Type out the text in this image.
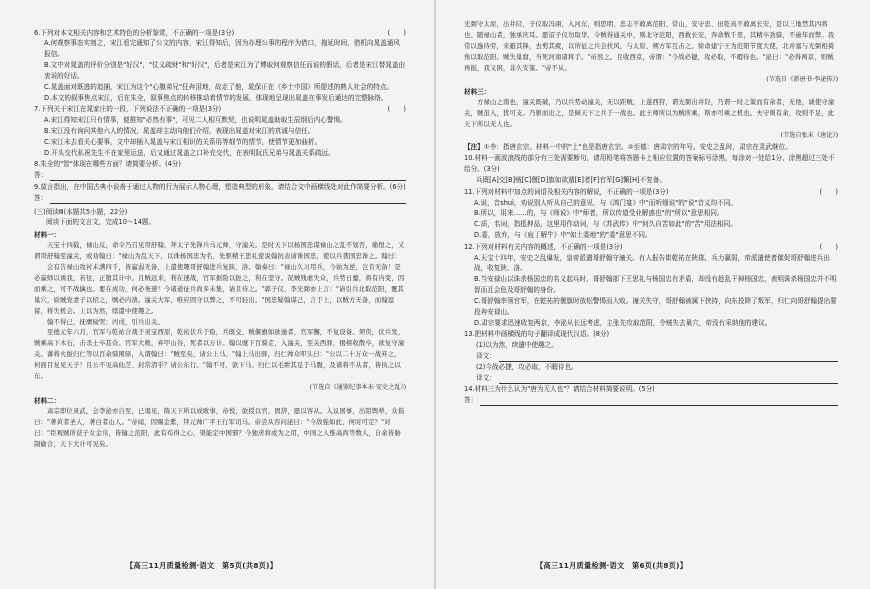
6.下列对本文相关内容和艺术特色的分析鉴赏，不正确的一项是(3分)	(　　)

A.何观察事态实刻之，宋江看完通知了公文的内容，宋江得知后，因为办理公事的程序为借口，拖延时间，借机向晁盖通风报信。

B.文中对晁盖的评价分别是"好汉"，"仗义疏财"和"好汉"，后者是宋江为了博取何观察信任而说的假话，后者是宋江替晁盖由衷说的好话。

C.晁盖面对既逃的追捕，宋江为这个"心腹弟兄"狂奔泪地，故走了他，晁保正在《乡土中国》所提述的熟人社会的特点。

D.本文的叙事焦点宋江，后在朱全，叙事焦点的转移推动着情节的发展，体现地呈现出晁盖在事发后通达的完整脉络。

7.下列关于宋江在晁家庄的一段，下列说法不正确的一项是(3分)	(　　)

A.宋江得知宋江只有情事，便推知"必然有事"，可见二人相互默契，也说明晁盖助取生辰纲后内心警惕。

B.宋江没有询问其他六人的情况，晁盖却主动向他们介绍，表现出晁盖对宋江的真诚与信任。

C.宋江未去看关心要事，文中却插入晁盖与宋江相识的关系用等细节的情节，使情节更加曲折。

D.开头交代私祝先生不在家里运送，后又通过晁盖之口补充交代，在表明阮氏兄弟与晁盖关系疏远。

8.朱全的"智"体现在哪些方面？请简要分析。(4分)

答：

9.莫言指出，在中国古典小说善于通过人物的行为展示人物心理，塑造典型的形象。请结合文中画横线处对此作简要分析。(6分)

答：

(三)阅读Ⅲ(本题共5小题，22分)

阅读下面的文言文，完成10～14题。

材料一：

天宝十四载，禄山反，命令乃召见哥舒翰，拜太子先锋兵马元帅，守潼关。是时天下以杨国忠谋禄山之乱不划否，痛恨之，又谓哥舒翰至潼关，或劝翰日："禄山为乱天下，以诛杨国忠为名，先驱精王思礼密说翰抗表请诛国忠，使以兵袭国忠诛之。翰曰：

会有告禄山攻衬未满四千，皆羸弱无备，上遣使趣哥舒翰进兵复陕、洛。翰奏曰："禄山久习用兵，今始为逆，岂肯无备！是必羸师以诱我，若往，正堕其计中。且贼远来，利在速战，官军据险以扼之，利在坚守。况贼残虐失众，兵势日蹙，将有内变，因而乘之，可不战擒也。要在成功，何必务速！今诸道征兵尚多未集，请且待之。"郭子仪、李光弼亦上言："请引兵北取范阳，覆其巢穴，质贼党妻子以招之，贼必内溃。潼关大军，唯应固守以弊之，不可轻出。"国忠疑翰谋己，言于上，以贼方无备，而翰逗留，将失机会。上以为然，续遣中使趣之。

翰不得已，抚膺恸哭；丙戌，引兵出关。

至德元年六月，官军与乾祐合战于灵宝西原，乾祐伏兵于险，兵既交，贼偃旗如欲遁者，官军懈，不复设备。须臾，伏兵发，贼乘高下木石，击杀士卒甚众。官军大败，弃甲山谷，死者以万计。翰以麾下百骑走，入潼关，至关西驿，揭榜收散卒，欲复守潼关。蕃将火拔归仁等以百余骑围驿，入谓翰曰："贼至矣，请公上马。"翰上马出驿，归仁帅众叩头曰："公以二十万众一战弃之，何面目复见天子！且公不见高仙芝、封常清乎？请公东行。"翰不可，欲下马。归仁以毛绁其足于马腹，及诸将不从者，皆执之以东。

(节选自《通鉴纪事本末·安史之乱》)

材料二：

肃宗即位灵武，会李泌亦自至，已谒见，陈天下所以成败事，帝悦，欲授以官，固辞，愿以客从。入议国事，出陪舆辇，众指曰："著黄者圣人，著白者山人。"帝闻，因赐金紫，拜元帅广平王行军司马。帝尝从容问泌曰："今敌强如此，何时可定？"对曰："臣观贼所获子女金帛，皆输之范阳，此有苟得之心，渠能定中国邪？今独虏将或为之用，中国之人惟高尚等数人，自余皆胁制偷合，天下大计可见矣。

【高三11月质量检测·语文　第5页(共8页)】

光弼守太原，出井陉，子仪取冯翊，入河东，则思明、忠志不敢离范阳、常山，安守忠、田乾真不敢离长安，是以三地禁其四将也。随禄山者，独承庆耳。愿诏子仪勿取华，令贼得通关中，则北守范阳，西救长安，奔命数千里，其精卒劲骑，不逾年而弊。我常以逸待劳，来避其锋，去剪其疲，以所征之兵会扶风，与太原、朔方军互击之。徐命建宁王为范阳节度大使，北并塞与光弼相掎角以取范阳。贼失巢窟，当死河南诸将手。"帝然之。且收西京，帝谓："今战必捷，攻必取，不暇待也。"泌曰："必得两京，则贼再振，我又困，非久安策。"帝不从。

(节选自《新唐书·李泌传》)

材料三：

方禄山之南也，潼关既破，乃以兵势动潼关，无以距贼，上遂西狩，谓光弼出井陉，乃谓一时之策而有余者，无他，诚使守潼关，贼虽入，犹可支。乃驱而出之，是倾天下之兵于一战也。此王师所以为贼所乘，斯亦可乘之机也。夫守则有余，攻则不足，此天下所以无人也。

(节选自张末《唐论》)

【注】①李：指唐玄宗。材料一中的"上"也是指唐玄宗。②至德：唐肃宗的年号。安史之乱时，肃宗在灵武继位。

10.材料一画波浪线的部分有三处需要断句，请用铅笔将答题卡上相应位置的答案标号涂黑，每涂对一处给1分，涂黑超过三处不给分。(3分)

兵既[A]交[B]贼[C]偃[D]旗如欲遁[E]者[F]官军[G]懈[H]不复备。

11.下列对材料中加点的词语及相关内容的解说，不正确的一项是(3分)	(　　)

A.说，音shuì，劝说别人听从自己的意见，与《鸿门宴》中"而听细说"的"说"音义均不同。

B.所以，用来……的，与《师说》中"师者，所以传道受业解惑也"的"所以"意思相同。

C.质，名词，指抵押品，这里用作动词，与《苏武传》中"何久自苦如此"的"苦"用法相同。

D.委，放弃，与《庖丁解牛》中"如土委地"的"委"意思不同。

12.下列对材料有关内容的概述，不正确的一项是(3分)	(　　)

A.天宝十四年，安史之乱爆发，皇帝派遣哥舒翰守潼关。有人报告崔乾祐在陕郡，兵力羸弱，帝派遣使者催促哥舒翰进兵出战，收复陕、洛。

B.当安禄山以诛杀杨国忠的名义起兵时，哥舒翰部下王思礼与杨国忠有矛盾，却没有趁乱干掉杨国忠，表明诛杀杨国忠并不明智而且会危及哥舒翰的身份。

C.哥舒翰率领官军，在乾祐的偃旗时放松警惕而大败。潼关失守，哥舒翰被属下挟持，向东投降了叛军，归仁向哥舒翰提出要投奔安禄山。

D.肃宗要求迅速收复两京，李泌从长远考虑，主张先攻取范阳，令贼失去巢穴，帝没有采纳他的建议。

13.把材料中画横线的句子翻译成现代汉语。(8分)

(1)以为然，续遣中使趣之。

译文：

(2)今战必捷，攻必取，不暇待也。

译文：

14.材料三为什么认为"唐为无人也"？请结合材料简要说明。(5分)

答：
【高三11月质量检测·语文　第6页(共8页)】
